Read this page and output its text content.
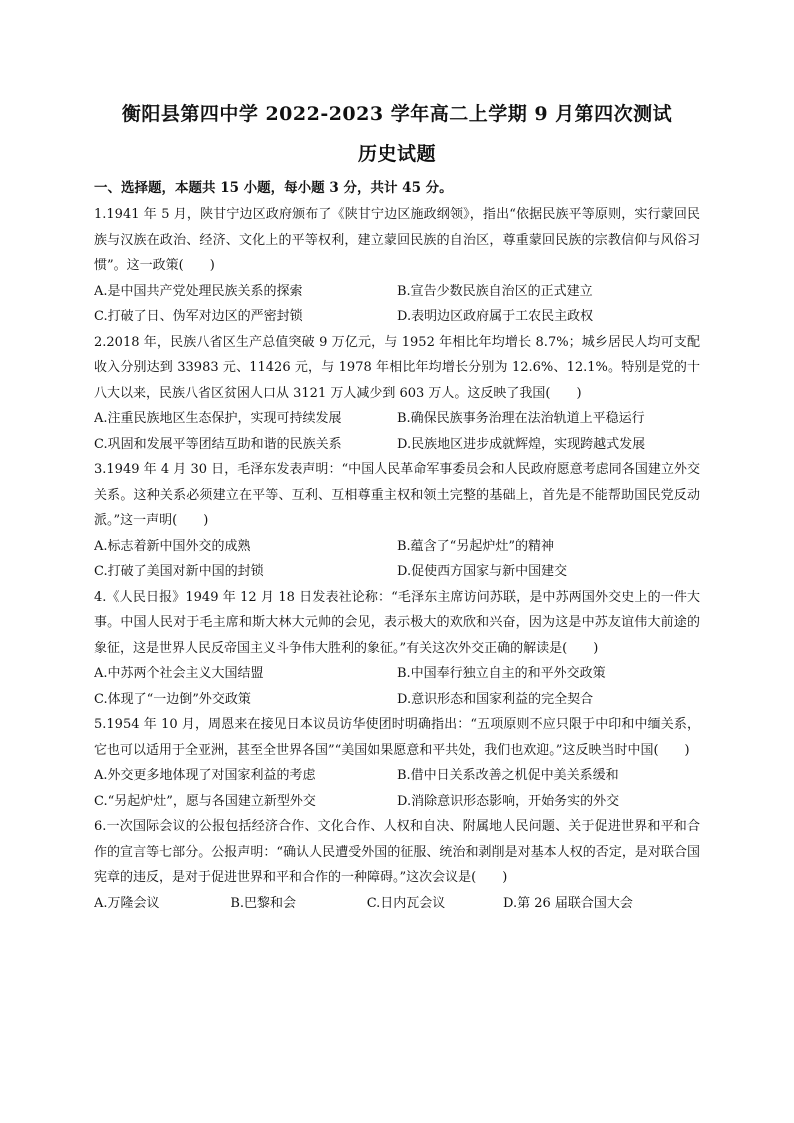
衡阳县第四中学 2022-2023 学年高二上学期 9 月第四次测试
历史试题
一、选择题，本题共 15 小题，每小题 3 分，共计 45 分。

1.1941 年 5 月，陕甘宁边区政府颁布了《陕甘宁边区施政纲领》，指出“依据民族平等原则，实行蒙回民族与汉族在政治、经济、文化上的平等权利，建立蒙回民族的自治区，尊重蒙回民族的宗教信仰与风俗习惯”。这一政策(　　)

A.是中国共产党处理民族关系的探索	B.宣告少数民族自治区的正式建立
C.打破了日、伪军对边区的严密封锁	D.表明边区政府属于工农民主政权

2.2018 年，民族八省区生产总值突破 9 万亿元，与 1952 年相比年均增长 8.7%；城乡居民人均可支配收入分别达到 33983 元、11426 元，与 1978 年相比年均增长分别为 12.6%、12.1%。特别是党的十八大以来，民族八省区贫困人口从 3121 万人减少到 603 万人。这反映了我国(　　)

A.注重民族地区生态保护，实现可持续发展	B.确保民族事务治理在法治轨道上平稳运行
C.巩固和发展平等团结互助和谐的民族关系	D.民族地区进步成就辉煌，实现跨越式发展

3.1949 年 4 月 30 日，毛泽东发表声明：“中国人民革命军事委员会和人民政府愿意考虑同各国建立外交关系。这种关系必须建立在平等、互利、互相尊重主权和领土完整的基础上，首先是不能帮助国民党反动派。”这一声明(　　)

A.标志着新中国外交的成熟	B.蕴含了“另起炉灶”的精神
C.打破了美国对新中国的封锁	D.促使西方国家与新中国建交

4.《人民日报》1949 年 12 月 18 日发表社论称：“毛泽东主席访问苏联，是中苏两国外交史上的一件大事。中国人民对于毛主席和斯大林大元帅的会见，表示极大的欢欣和兴奋，因为这是中苏友谊伟大前途的象征，这是世界人民反帝国主义斗争伟大胜利的象征。”有关这次外交正确的解读是(　　)

A.中苏两个社会主义大国结盟	B.中国奉行独立自主的和平外交政策
C.体现了“一边倒”外交政策	D.意识形态和国家利益的完全契合

5.1954 年 10 月，周恩来在接见日本议员访华使团时明确指出：“五项原则不应只限于中印和中缅关系，它也可以适用于全亚洲，甚至全世界各国”“美国如果愿意和平共处，我们也欢迎。”这反映当时中国(　　)

A.外交更多地体现了对国家利益的考虑	B.借中日关系改善之机促中美关系缓和
C.“另起炉灶”，愿与各国建立新型外交	D.消除意识形态影响，开始务实的外交

6.一次国际会议的公报包括经济合作、文化合作、人权和自决、附属地人民问题、关于促进世界和平和合作的宣言等七部分。公报声明：“确认人民遭受外国的征服、统治和剥削是对基本人权的否定，是对联合国宪章的违反，是对于促进世界和平和合作的一种障碍。”这次会议是(　　)

A.万隆会议	B.巴黎和会	C.日内瓦会议	D.第 26 届联合国大会
